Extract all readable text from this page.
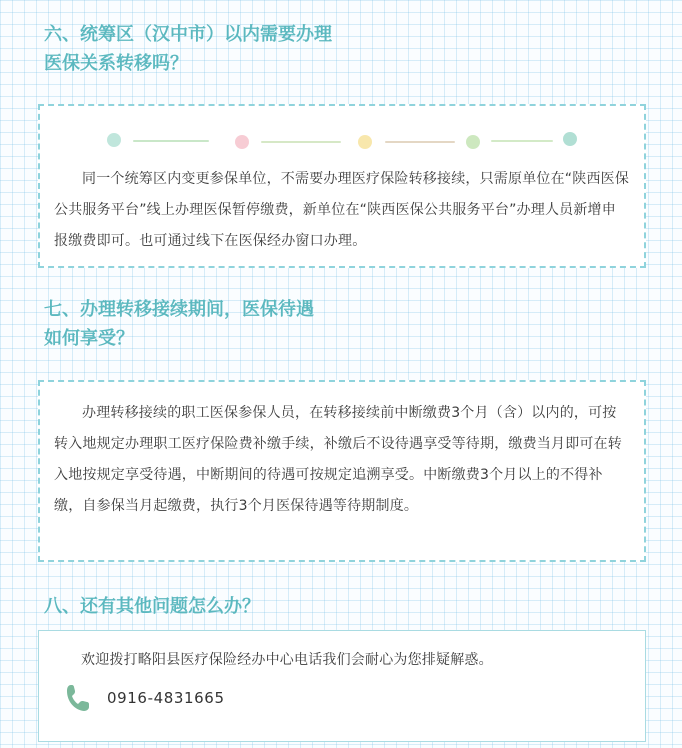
六、统筹区（汉中市）以内需要办理
医保关系转移吗？

同一个统筹区内变更参保单位，不需要办理医疗保险转移接续，只需原单位在“陕西医保公共服务平台”线上办理医保暂停缴费，新单位在“陕西医保公共服务平台”办理人员新增申报缴费即可。也可通过线下在医保经办窗口办理。

七、办理转移接续期间，医保待遇
如何享受？

办理转移接续的职工医保参保人员，在转移接续前中断缴费3个月（含）以内的，可按转入地规定办理职工医疗保险费补缴手续，补缴后不设待遇享受等待期，缴费当月即可在转入地按规定享受待遇，中断期间的待遇可按规定追溯享受。中断缴费3个月以上的不得补缴，自参保当月起缴费，执行3个月医保待遇等待期制度。

八、还有其他问题怎么办？

欢迎拨打略阳县医疗保险经办中心电话我们会耐心为您排疑解惑。

0916-4831665
